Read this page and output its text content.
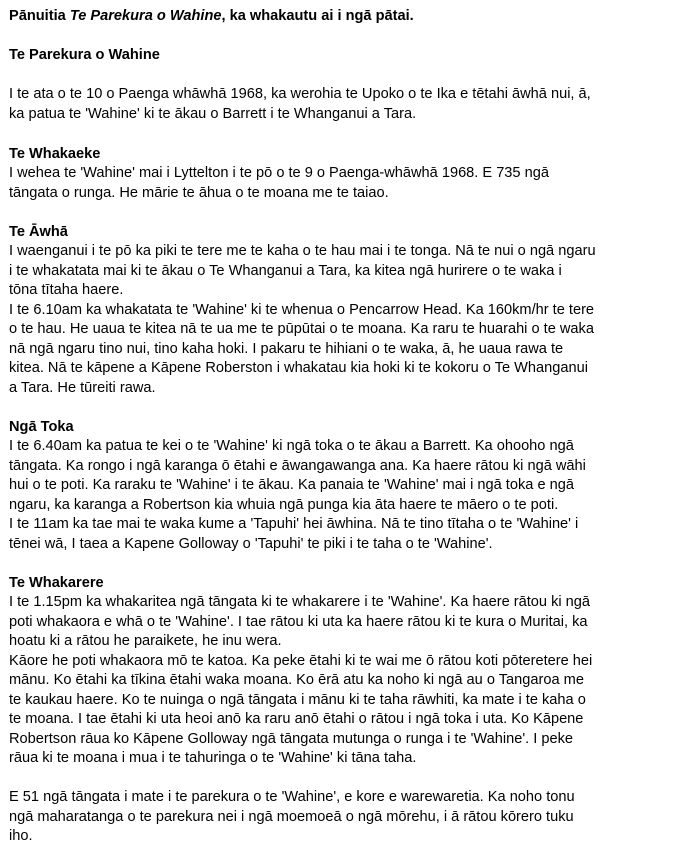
Pānuitia Te Parekura o Wahine, ka whakautu ai i ngā pātai.
Te Parekura o Wahine
I te ata o te 10 o Paenga whāwhā 1968, ka werohia te Upoko o te Ika e tētahi āwhā nui, ā,
ka patua te 'Wahine' ki te ākau o Barrett i te Whanganui a Tara.
Te Whakaeke
I wehea te 'Wahine' mai i Lyttelton i te pō o te 9 o Paenga-whāwhā 1968. E 735 ngā
tāngata o runga. He mārie te āhua o te moana me te taiao.
Te Āwhā
I waenganui i te pō ka piki te tere me te kaha o te hau mai i te tonga. Nā te nui o ngā ngaru
i te whakatata mai ki te ākau o Te Whanganui a Tara, ka kitea ngā hurirere o te waka i
tōna tītaha haere.
I te 6.10am ka whakatata te 'Wahine' ki te whenua o Pencarrow Head. Ka 160km/hr te tere
o te hau. He uaua te kitea nā te ua me te pūpūtai o te moana. Ka raru te huarahi o te waka
nā ngā ngaru tino nui, tino kaha hoki. I pakaru te hihiani o te waka, ā, he uaua rawa te
kitea. Nā te kāpene a Kāpene Roberston i whakatau kia hoki ki te kokoru o Te Whanganui
a Tara. He tūreiti rawa.
Ngā Toka
I te 6.40am ka patua te kei o te 'Wahine' ki ngā toka o te ākau a Barrett. Ka ohooho ngā
tāngata. Ka rongo i ngā karanga ō ētahi e āwangawanga ana. Ka haere rātou ki ngā wāhi
hui o te poti. Ka raraku te 'Wahine' i te ākau. Ka panaia te 'Wahine' mai i ngā toka e ngā
ngaru, ka karanga a Robertson kia whuia ngā punga kia āta haere te māero o te poti.
I te 11am ka tae mai te waka kume a 'Tapuhi' hei āwhina. Nā te tino tītaha o te 'Wahine' i
tēnei wā, I taea a Kapene Golloway o 'Tapuhi' te piki i te taha o te 'Wahine'.
Te Whakarere
I te 1.15pm ka whakaritea ngā tāngata ki te whakarere i te 'Wahine'. Ka haere rātou ki ngā
poti whakaora e whā o te 'Wahine'. I tae rātou ki uta ka haere rātou ki te kura o Muritai, ka
hoatu ki a rātou he paraikete, he inu wera.
Kāore he poti whakaora mō te katoa. Ka peke ētahi ki te wai me ō rātou koti pōteretere hei
mānu. Ko ētahi ka tīkina ētahi waka moana. Ko ērā atu ka noho ki ngā au o Tangaroa me
te kaukau haere. Ko te nuinga o ngā tāngata i mānu ki te taha rāwhiti, ka mate i te kaha o
te moana. I tae ētahi ki uta heoi anō ka raru anō ētahi o rātou i ngā toka i uta. Ko Kāpene
Robertson rāua ko Kāpene Golloway ngā tāngata mutunga o runga i te 'Wahine'. I peke
rāua ki te moana i mua i te tahuringa o te 'Wahine' ki tāna taha.
E 51 ngā tāngata i mate i te parekura o te 'Wahine', e kore e warewaretia. Ka noho tonu
ngā maharatanga o te parekura nei i ngā moemoeā o ngā mōrehu, i ā rātou kōrero tuku
iho.
